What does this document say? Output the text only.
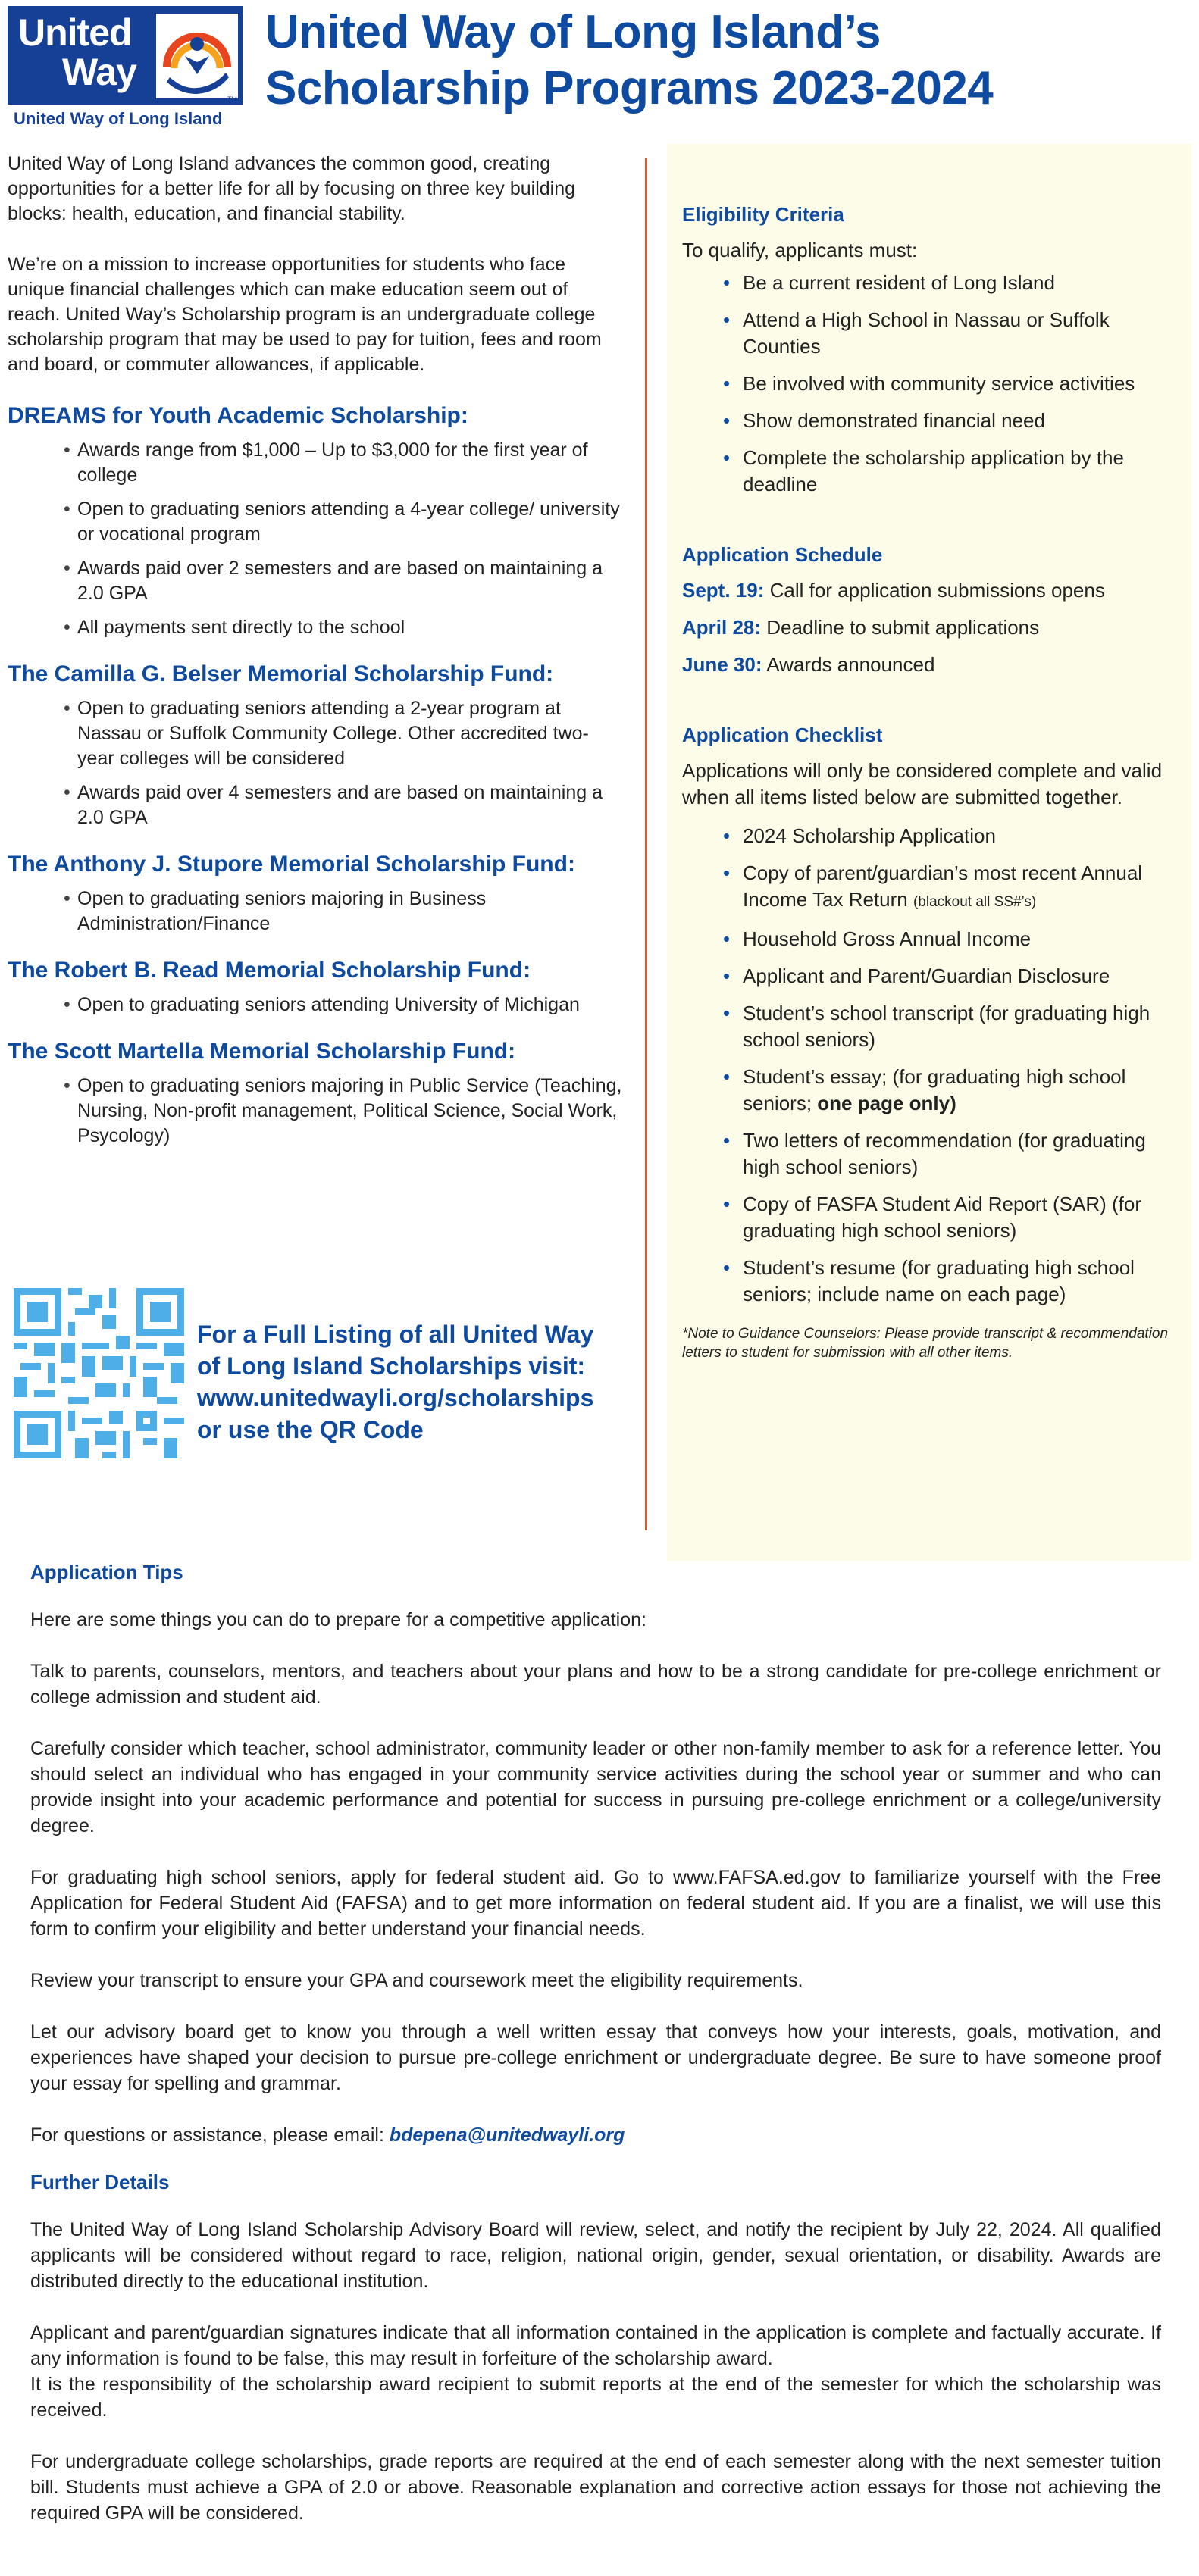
United
Way
TM
United Way of Long Island
United Way of Long Island’s
Scholarship Programs 2023-2024

United Way of Long Island advances the common good, creating opportunities for a better life for all by focusing on three key building blocks: health, education, and financial stability.

We’re on a mission to increase opportunities for students who face unique financial challenges which can make education seem out of reach. United Way’s Scholarship program is an undergraduate college scholarship program that may be used to pay for tuition, fees and room and board, or commuter allowances, if applicable.

DREAMS for Youth Academic Scholarship:
• Awards range from $1,000 – Up to $3,000 for the first year of college
• Open to graduating seniors attending a 4-year college/ university or vocational program
• Awards paid over 2 semesters and are based on maintaining a 2.0 GPA
• All payments sent directly to the school
The Camilla G. Belser Memorial Scholarship Fund:
• Open to graduating seniors attending a 2-year program at Nassau or Suffolk Community College. Other accredited two-year colleges will be considered
• Awards paid over 4 semesters and are based on maintaining a 2.0 GPA
The Anthony J. Stupore Memorial Scholarship Fund:
• Open to graduating seniors majoring in Business Administration/Finance
The Robert B. Read Memorial Scholarship Fund:
• Open to graduating seniors attending University of Michigan
The Scott Martella Memorial Scholarship Fund:
• Open to graduating seniors majoring in Public Service (Teaching, Nursing, Non-profit management, Political Science, Social Work, Psycology)
For a Full Listing of all United Way
of Long Island Scholarships visit:
www.unitedwayli.org/scholarships
or use the QR Code
Eligibility Criteria
To qualify, applicants must:
• Be a current resident of Long Island
• Attend a High School in Nassau or Suffolk Counties
• Be involved with community service activities
• Show demonstrated financial need
• Complete the scholarship application by the deadline
Application Schedule
Sept. 19: Call for application submissions opens
April 28: Deadline to submit applications
June 30: Awards announced
Application Checklist
Applications will only be considered complete and valid when all items listed below are submitted together.
• 2024 Scholarship Application
• Copy of parent/guardian’s most recent Annual Income Tax Return (blackout all SS#’s)
• Household Gross Annual Income
• Applicant and Parent/Guardian Disclosure
• Student’s school transcript (for graduating high school seniors)
• Student’s essay; (for graduating high school seniors; one page only)
• Two letters of recommendation (for graduating high school seniors)
• Copy of FASFA Student Aid Report (SAR) (for graduating high school seniors)
• Student’s resume (for graduating high school seniors; include name on each page)
*Note to Guidance Counselors: Please provide transcript & recommendation letters to student for submission with all other items.
Application Tips

Here are some things you can do to prepare for a competitive application:

Talk to parents, counselors, mentors, and teachers about your plans and how to be a strong candidate for pre-college enrichment or college admission and student aid.

Carefully consider which teacher, school administrator, community leader or other non-family member to ask for a reference letter. You should select an individual who has engaged in your community service activities during the school year or summer and who can provide insight into your academic performance and potential for success in pursuing pre-college enrichment or a college/university degree.

For graduating high school seniors, apply for federal student aid. Go to www.FAFSA.ed.gov to familiarize yourself with the Free Application for Federal Student Aid (FAFSA) and to get more information on federal student aid. If you are a finalist, we will use this form to confirm your eligibility and better understand your financial needs.

Review your transcript to ensure your GPA and coursework meet the eligibility requirements.

Let our advisory board get to know you through a well written essay that conveys how your interests, goals, motivation, and experiences have shaped your decision to pursue pre-college enrichment or undergraduate degree. Be sure to have someone proof your essay for spelling and grammar.

For questions or assistance, please email: bdepena@unitedwayli.org

Further Details

The United Way of Long Island Scholarship Advisory Board will review, select, and notify the recipient by July 22, 2024. All qualified applicants will be considered without regard to race, religion, national origin, gender, sexual orientation, or disability. Awards are distributed directly to the educational institution.

Applicant and parent/guardian signatures indicate that all information contained in the application is complete and factually accurate. If any information is found to be false, this may result in forfeiture of the scholarship award.

It is the responsibility of the scholarship award recipient to submit reports at the end of the semester for which the scholarship was received.

For undergraduate college scholarships, grade reports are required at the end of each semester along with the next semester tuition bill. Students must achieve a GPA of 2.0 or above. Reasonable explanation and corrective action essays for those not achieving the required GPA will be considered.
